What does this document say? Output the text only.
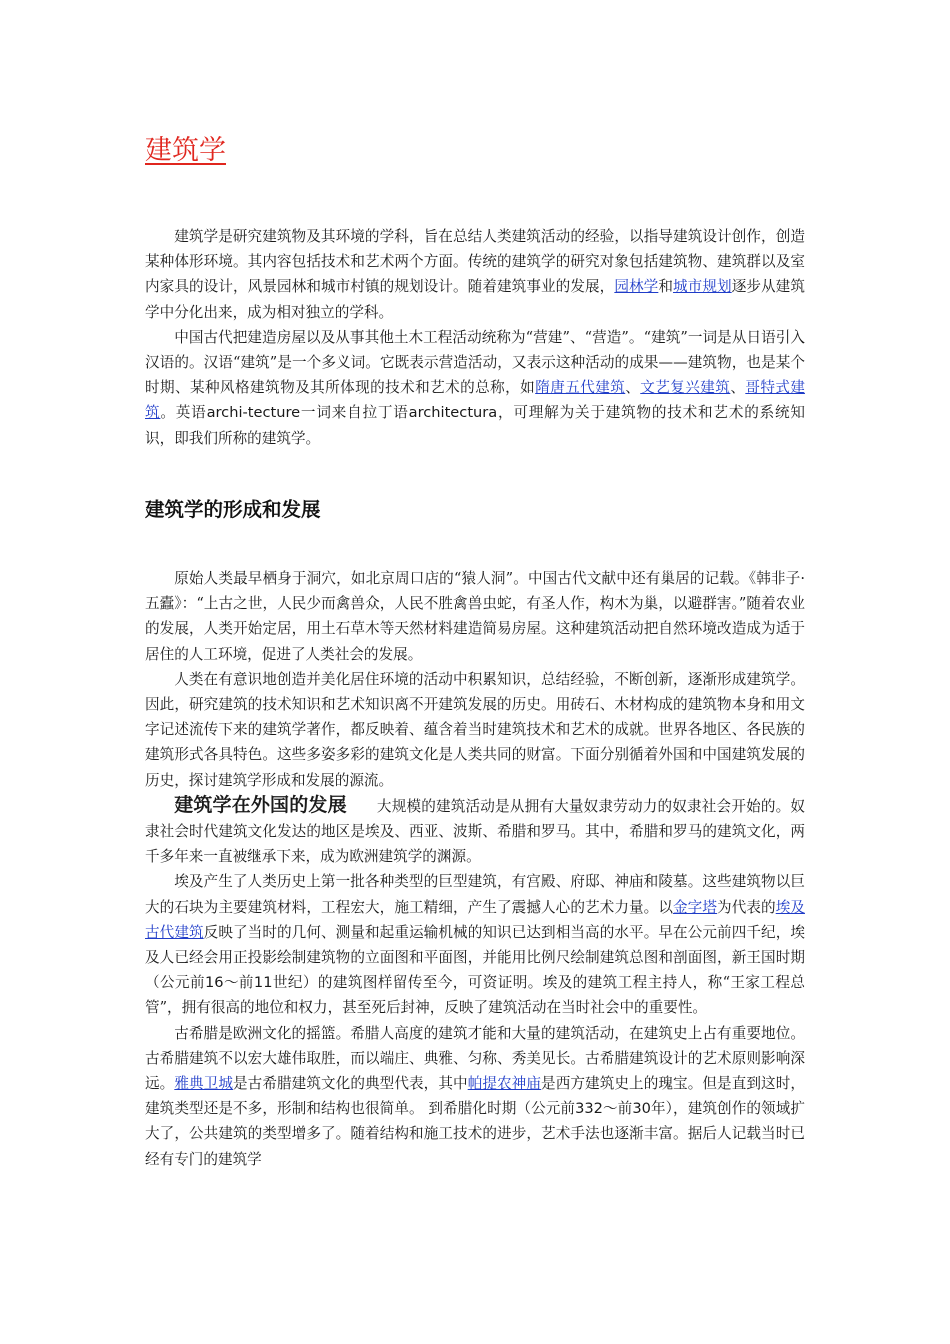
建筑学

建筑学是研究建筑物及其环境的学科，旨在总结人类建筑活动的经验，以指导建筑设计创作，创造某种体形环境。其内容包括技术和艺术两个方面。传统的建筑学的研究对象包括建筑物、建筑群以及室内家具的设计，风景园林和城市村镇的规划设计。随着建筑事业的发展，园林学和城市规划逐步从建筑学中分化出来，成为相对独立的学科。

中国古代把建造房屋以及从事其他土木工程活动统称为“营建”、“营造”。“建筑”一词是从日语引入汉语的。汉语“建筑”是一个多义词。它既表示营造活动，又表示这种活动的成果——建筑物，也是某个时期、某种风格建筑物及其所体现的技术和艺术的总称，如隋唐五代建筑、文艺复兴建筑、哥特式建筑。英语archi-tecture一词来自拉丁语architectura，可理解为关于建筑物的技术和艺术的系统知识，即我们所称的建筑学。

建筑学的形成和发展

原始人类最早栖身于洞穴，如北京周口店的“猿人洞”。中国古代文献中还有巢居的记载。《韩非子·五蠹》：“上古之世，人民少而禽兽众，人民不胜禽兽虫蛇，有圣人作，构木为巢，以避群害。”随着农业的发展，人类开始定居，用土石草木等天然材料建造简易房屋。这种建筑活动把自然环境改造成为适于居住的人工环境，促进了人类社会的发展。

人类在有意识地创造并美化居住环境的活动中积累知识，总结经验，不断创新，逐渐形成建筑学。因此，研究建筑的技术知识和艺术知识离不开建筑发展的历史。用砖石、木材构成的建筑物本身和用文字记述流传下来的建筑学著作，都反映着、蕴含着当时建筑技术和艺术的成就。世界各地区、各民族的建筑形式各具特色。这些多姿多彩的建筑文化是人类共同的财富。下面分别循着外国和中国建筑发展的历史，探讨建筑学形成和发展的源流。

建筑学在外国的发展 大规模的建筑活动是从拥有大量奴隶劳动力的奴隶社会开始的。奴隶社会时代建筑文化发达的地区是埃及、西亚、波斯、希腊和罗马。其中，希腊和罗马的建筑文化，两千多年来一直被继承下来，成为欧洲建筑学的渊源。

埃及产生了人类历史上第一批各种类型的巨型建筑，有宫殿、府邸、神庙和陵墓。这些建筑物以巨大的石块为主要建筑材料，工程宏大，施工精细，产生了震撼人心的艺术力量。以金字塔为代表的埃及古代建筑反映了当时的几何、测量和起重运输机械的知识已达到相当高的水平。早在公元前四千纪，埃及人已经会用正投影绘制建筑物的立面图和平面图，并能用比例尺绘制建筑总图和剖面图，新王国时期（公元前16～前11世纪）的建筑图样留传至今，可资证明。埃及的建筑工程主持人，称“王家工程总管”，拥有很高的地位和权力，甚至死后封神，反映了建筑活动在当时社会中的重要性。

古希腊是欧洲文化的摇篮。希腊人高度的建筑才能和大量的建筑活动，在建筑史上占有重要地位。古希腊建筑不以宏大雄伟取胜，而以端庄、典雅、匀称、秀美见长。古希腊建筑设计的艺术原则影响深远。雅典卫城是古希腊建筑文化的典型代表，其中帕提农神庙是西方建筑史上的瑰宝。但是直到这时，建筑类型还是不多，形制和结构也很简单。 到希腊化时期（公元前332～前30年），建筑创作的领域扩大了，公共建筑的类型增多了。随着结构和施工技术的进步，艺术手法也逐渐丰富。据后人记载当时已经有专门的建筑学
